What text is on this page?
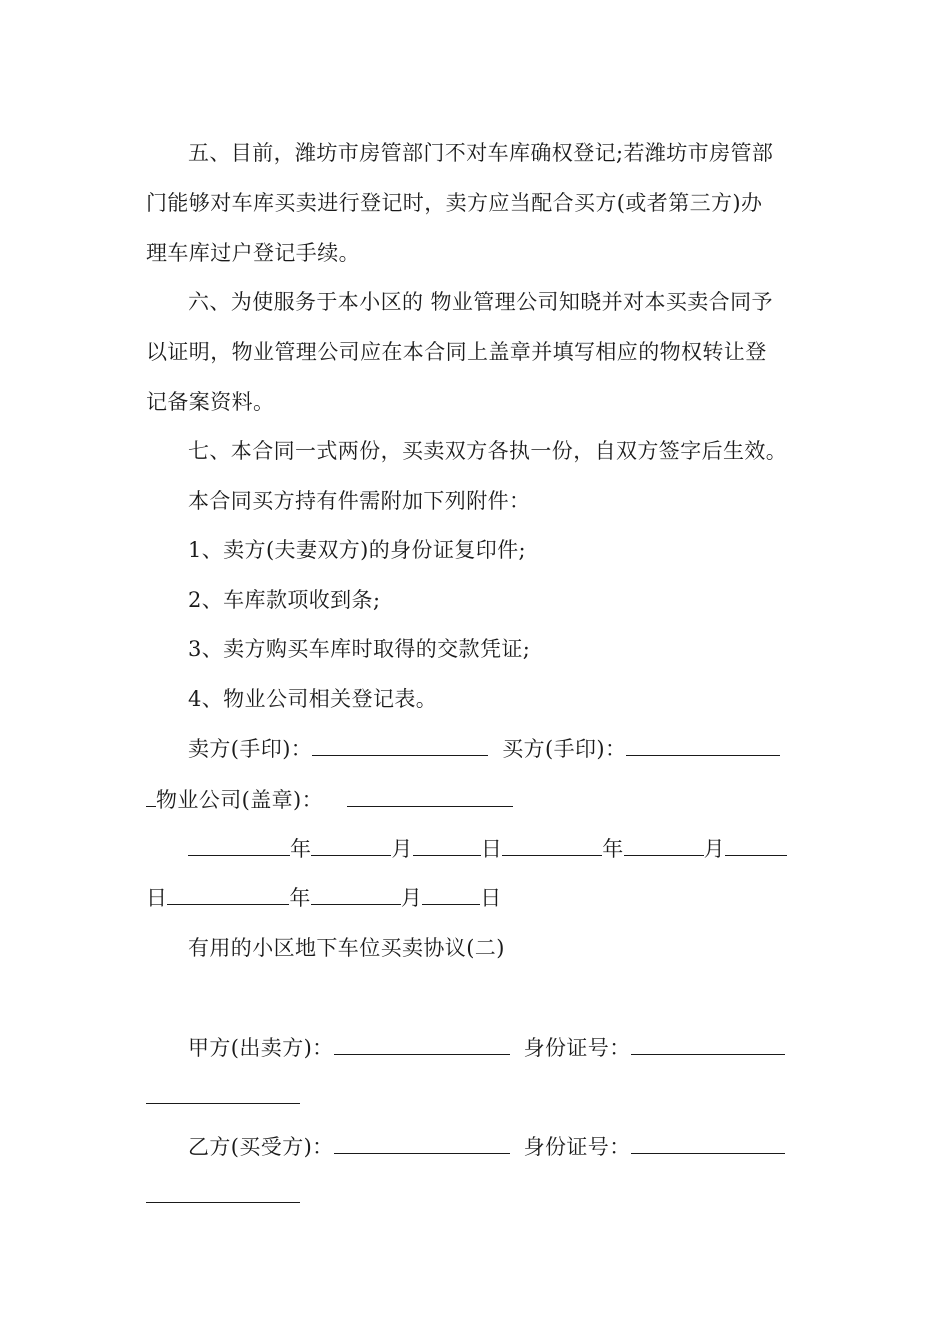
五、目前，潍坊市房管部门不对车库确权登记;若潍坊市房管部
门能够对车库买卖进行登记时，卖方应当配合买方(或者第三方)办
理车库过户登记手续。
六、为使服务于本小区的 物业管理公司知晓并对本买卖合同予
以证明，物业管理公司应在本合同上盖章并填写相应的物权转让登
记备案资料。
七、本合同一式两份，买卖双方各执一份，自双方签字后生效。
本合同买方持有件需附加下列附件：
1、卖方(夫妻双方)的身份证复印件;
2、车库款项收到条;
3、卖方购买车库时取得的交款凭证;
4、物业公司相关登记表。
卖方(手印)：	买方(手印)：
物业公司(盖章)：
年	月	日	年	月
日	年	月	日
有用的小区地下车位买卖协议(二)
甲方(出卖方)：	身份证号：
乙方(买受方)：	身份证号：
